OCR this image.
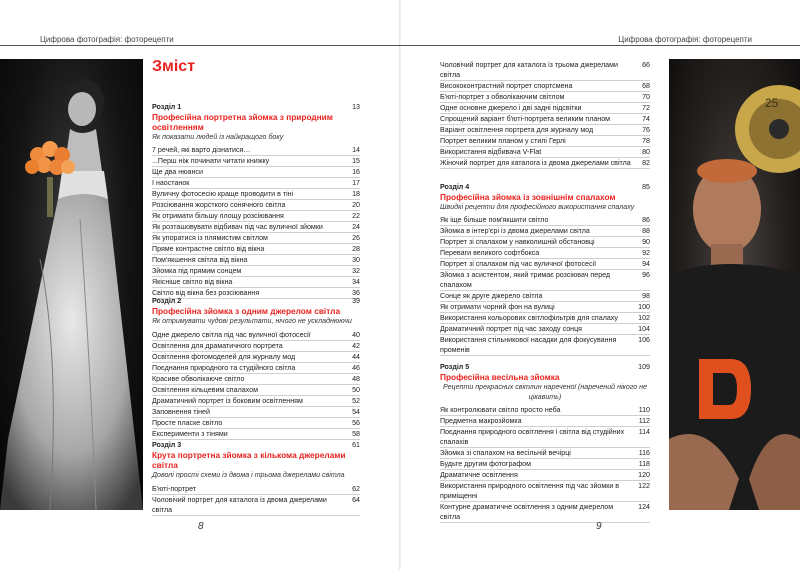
Цифрова фотографія: фоторецепти	Цифрова фотографія: фоторецепти
25
Зміст
Розділ 1	13
Професійна портретна зйомка з природним освітленням
Як показати людей із найкращого боку
7 речей, які варто дізнатися…	14
...Перш ніж починати читати книжку	15
Ще два нюанси	16
І наостанок	17
Вуличну фотосесію краще проводити в тіні	18
Розсіювання жорсткого сонячного світла	20
Як отримати більшу площу розсіювання	22
Як розташовувати відбивач під час вуличної зйомки	24
Як упоратися із плямистим світлом	26
Пряме контрастне світло від вікна	28
Пом'якшення світла від вікна	30
Зйомка під прямим сонцем	32
Якісніше світло від вікна	34
Світло від вікна без розсіювання	36
Розділ 2	39
Професійна зйомка з одним джерелом світла
Як отримувати чудові результати, нічого не ускладнюючи
Одне джерело світла під час вуличної фотосесії	40
Освітлення для драматичного портрета	42
Освітлення фотомоделей для журналу мод	44
Поєднання природного та студійного світла	46
Красиве обволікаюче світло	48
Освітлення кільцевим спалахом	50
Драматичний портрет із боковим освітленням	52
Заповнення тіней	54
Просте пласке світло	56
Експерименти з тінями	58
Розділ 3	61
Крута портретна зйомка з кількома джерелами світла
Доволі прості схеми із двома і трьома джерелами світла
Б'юті-портрет	62
Чоловічий портрет для каталога із двома джерелами світла
64
Чоловічий портрет для каталога із трьома джерелами світла
66
Висококонтрастний портрет спортсмена	68
Б'юті-портрет з обволікаючим світлом	70
Одне основне джерело і дві задні підсвітки	72
Спрощений варіант б'юті-портрета великим планом	74
Варіант освітлення портрета для журналу мод	76
Портрет великим планом у стилі Герлі	78
Використання відбивача V-Flat	80
Жіночий портрет для каталога із двома джерелами світла	82
Розділ 4	85
Професійна зйомка із зовнішнім спалахом
Швидкі рецепти для професійного використання спалаху
Як іще більше пом'якшити світло	86
Зйомка в інтер'єрі із двома джерелами світла	88
Портрет зі спалахом у навколишній обстановці	90
Переваги великого софтбокса	92
Портрет зі спалахом під час вуличної фотосесії	94
Зйомка з асистентом, який тримає розсіювач перед спалахом
96
Сонце як друге джерело світла	98
Як отримати чорний фон на вулиці	100
Використання кольорових світлофільтрів для спалаху	102
Драматичний портрет під час заходу сонця	104
Використання стільникової насадки для фокусування променів
106
Розділ 5	109
Професійна весільна зйомка
Рецепти прекрасних світлин нареченої (наречений нікого не цікавить)
Як контролювати світло просто неба	110
Предметна макрозйомка	112
Поєднання природного освітлення і світла від студійних спалахів
114
Зйомка зі спалахом на весільній вечірці	116
Будьте другим фотографом	118
Драматичне освітлення	120
Використання природного освітлення під час зйомки в приміщенні
122
Контурне драматичне освітлення з одним джерелом світла
124
8	9
